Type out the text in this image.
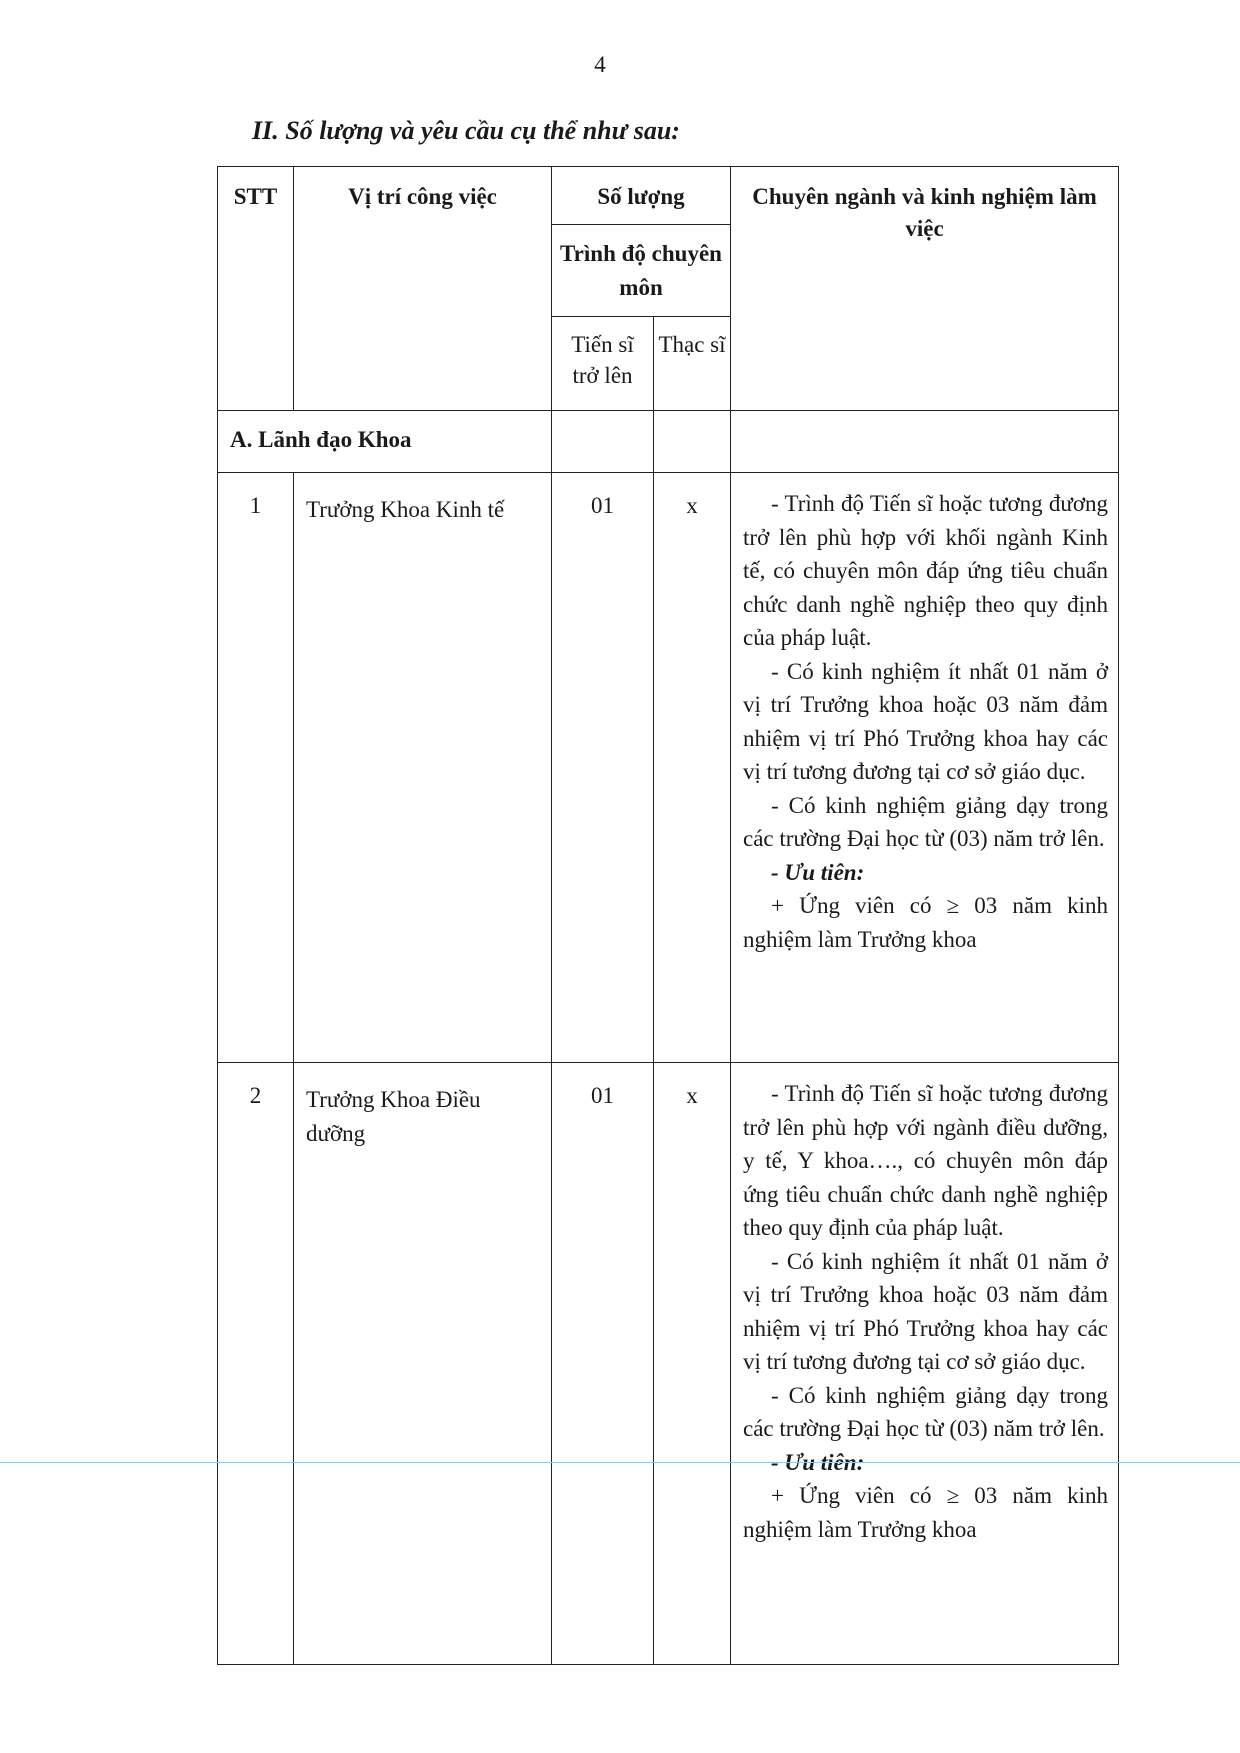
4
II. Số lượng và yêu cầu cụ thể như sau:
STT	Vị trí công việc	Số lượng		Chuyên ngành và kinh nghiệm làm việc
		Trình độ chuyên môn		
		Tiến sĩ trở lên	Thạc sĩ	
A. Lãnh đạo Khoa				
1	Trưởng Khoa Kinh tế	01	x	- Trình độ Tiến sĩ hoặc tương đương trở lên phù hợp với khối ngành Kinh tế, có chuyên môn đáp ứng tiêu chuẩn chức danh nghề nghiệp theo quy định của pháp luật.

- Có kinh nghiệm ít nhất 01 năm ở vị trí Trưởng khoa hoặc 03 năm đảm nhiệm vị trí Phó Trưởng khoa hay các vị trí tương đương tại cơ sở giáo dục.

- Có kinh nghiệm giảng dạy trong các trường Đại học từ (03) năm trở lên.

- Ưu tiên:

+ Ứng viên có ≥ 03 năm kinh nghiệm làm Trưởng khoa

2	Trưởng Khoa Điều dưỡng	01	x	- Trình độ Tiến sĩ hoặc tương đương trở lên phù hợp với ngành điều dưỡng, y tế, Y khoa…., có chuyên môn đáp ứng tiêu chuẩn chức danh nghề nghiệp theo quy định của pháp luật.

- Có kinh nghiệm ít nhất 01 năm ở vị trí Trưởng khoa hoặc 03 năm đảm nhiệm vị trí Phó Trưởng khoa hay các vị trí tương đương tại cơ sở giáo dục.

- Có kinh nghiệm giảng dạy trong các trường Đại học từ (03) năm trở lên.

- Ưu tiên:

+ Ứng viên có ≥ 03 năm kinh nghiệm làm Trưởng khoa
